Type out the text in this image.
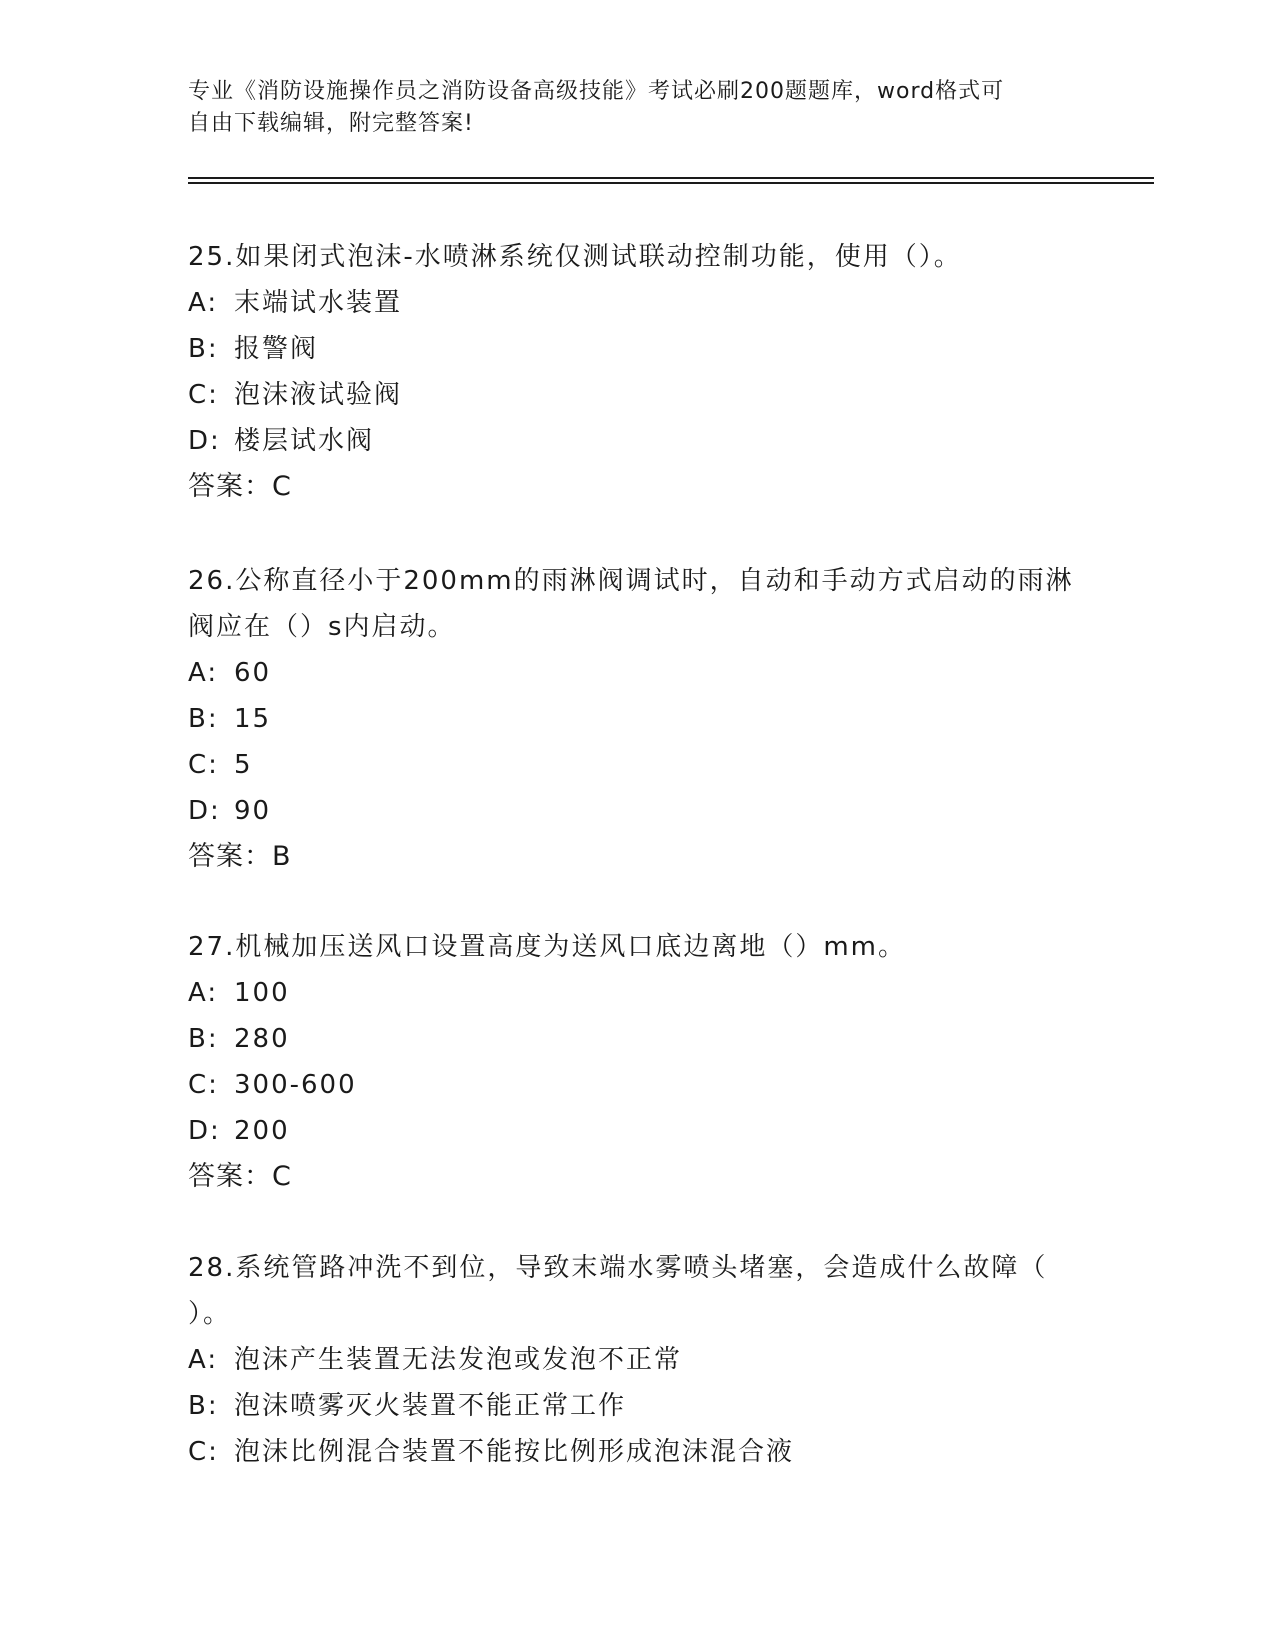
专业《消防设施操作员之消防设备高级技能》考试必刷200题题库，word格式可
自由下载编辑，附完整答案!

25.如果闭式泡沫-水喷淋系统仅测试联动控制功能，使用（）。

A: 末端试水装置

B: 报警阀

C: 泡沫液试验阀

D: 楼层试水阀

答案：C

26.公称直径小于200mm的雨淋阀调试时，自动和手动方式启动的雨淋

阀应在（）s内启动。

A: 60

B: 15

C: 5

D: 90

答案：B

27.机械加压送风口设置高度为送风口底边离地（）mm。

A: 100

B: 280

C: 300-600

D: 200

答案：C

28.系统管路冲洗不到位，导致末端水雾喷头堵塞，会造成什么故障（

）。

A: 泡沫产生装置无法发泡或发泡不正常

B: 泡沫喷雾灭火装置不能正常工作

C: 泡沫比例混合装置不能按比例形成泡沫混合液
